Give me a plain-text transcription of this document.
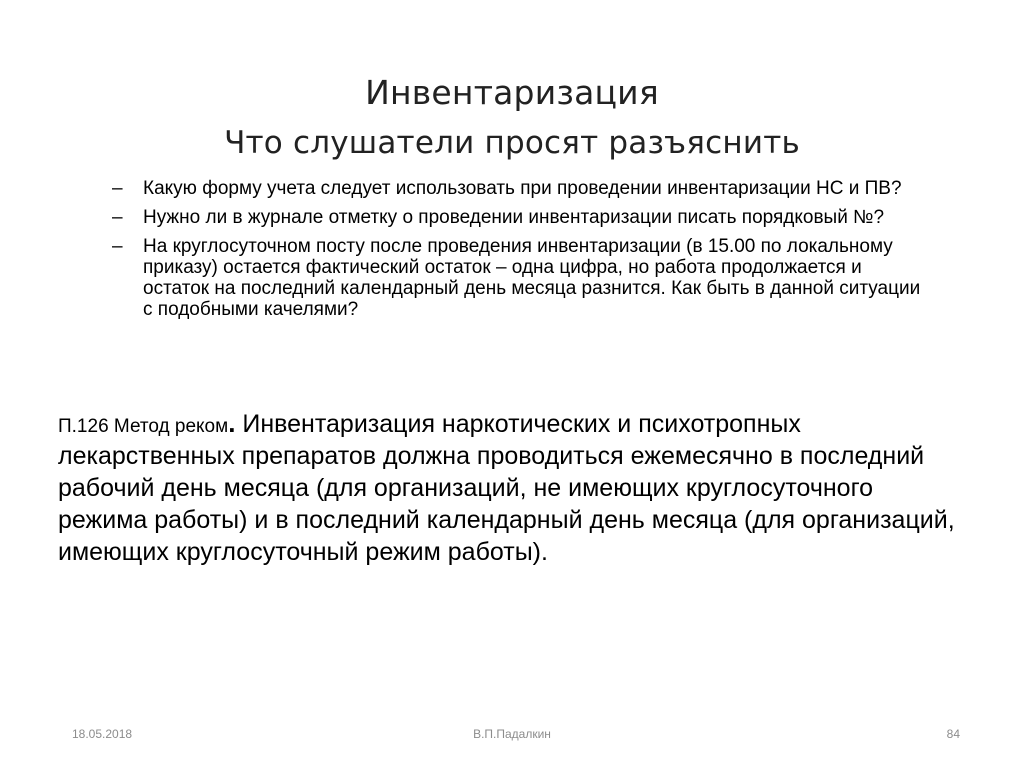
Инвентаризация
Что слушатели просят разъяснить
– Какую форму учета следует использовать при проведении инвентаризации НС и ПВ?
– Нужно ли в журнале отметку о проведении инвентаризации писать порядковый №?
– На круглосуточном посту после проведения инвентаризации (в 15.00 по локальному приказу) остается фактический остаток – одна цифра, но работа продолжается и остаток на последний календарный день месяца разнится. Как быть в данной ситуации с подобными качелями?
П.126 Метод реком. Инвентаризация наркотических и психотропных лекарственных препаратов должна проводиться ежемесячно в последний рабочий день месяца (для организаций, не имеющих круглосуточного режима работы) и в последний календарный день месяца (для организаций, имеющих круглосуточный режим работы).
18.05.2018	В.П.Падалкин	84
